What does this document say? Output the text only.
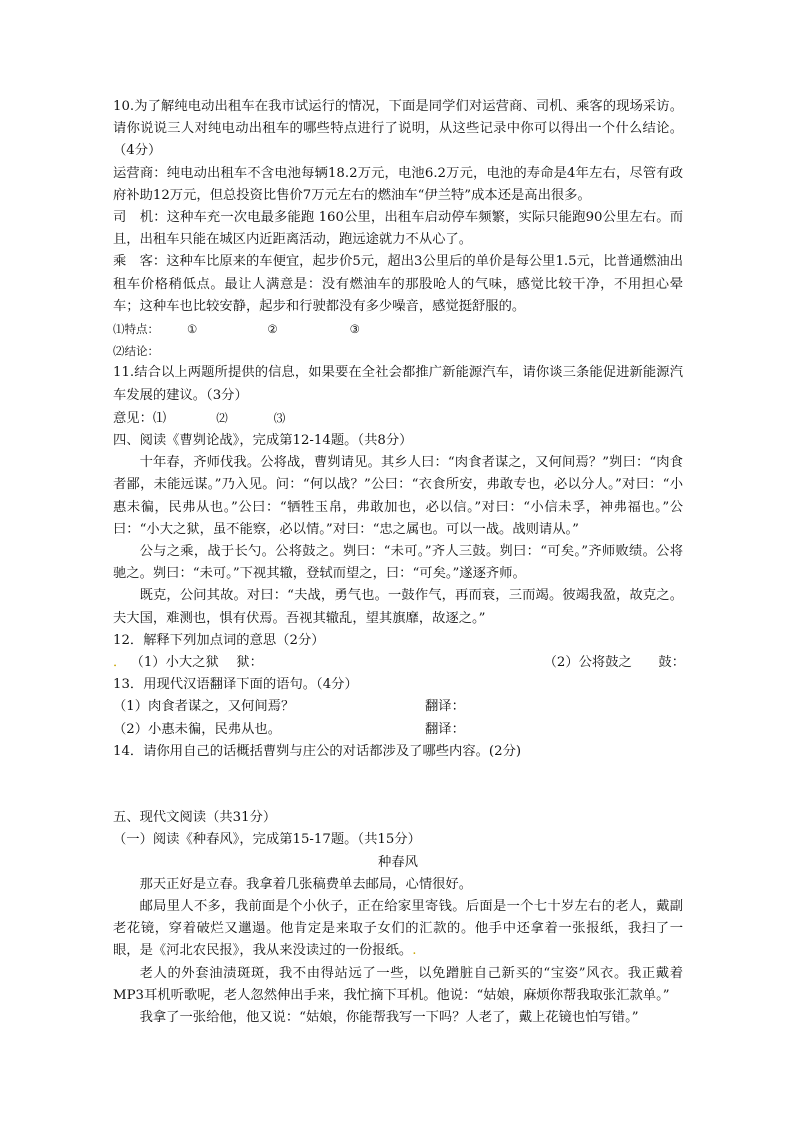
10.为了解纯电动出租车在我市试运行的情况，下面是同学们对运营商、司机、乘客的现场采访。请你说说三人对纯电动出租车的哪些特点进行了说明，从这些记录中你可以得出一个什么结论。（4分）

运营商：纯电动出租车不含电池每辆18.2万元，电池6.2万元，电池的寿命是4年左右，尽管有政府补助12万元，但总投资比售价7万元左右的燃油车“伊兰特”成本还是高出很多。

司　机：这种车充一次电最多能跑 160公里，出租车启动停车频繁，实际只能跑90公里左右。而且，出租车只能在城区内近距离活动，跑远途就力不从心了。

乘　客：这种车比原来的车便宜，起步价5元，超出3公里后的单价是每公里1.5元，比普通燃油出租车价格稍低点。最让人满意是：没有燃油车的那股呛人的气味，感觉比较干净，不用担心晕车；这种车也比较安静，起步和行驶都没有多少噪音，感觉挺舒服的。

⑴特点： ①	②	③
⑵结论：

11.结合以上两题所提供的信息，如果要在全社会都推广新能源汽车，请你谈三条能促进新能源汽车发展的建议。（3分）

意见：⑴	⑵	⑶

四、阅读《曹刿论战》，完成第12-14题。（共8分）

十年春，齐师伐我。公将战，曹刿请见。其乡人曰：“肉食者谋之，又何间焉？”刿曰：“肉食者鄙，未能远谋。”乃入见。问：“何以战？”公曰：“衣食所安，弗敢专也，必以分人。”对曰：“小惠未徧，民弗从也。”公曰：“牺牲玉帛，弗敢加也，必以信。”对曰：“小信未孚，神弗福也。”公曰：“小大之狱，虽不能察，必以情。”对曰：“忠之属也。可以一战。战则请从。”

公与之乘，战于长勺。公将鼓之。刿曰：“未可。”齐人三鼓。刿曰：“可矣。”齐师败绩。公将驰之。刿曰：“未可。”下视其辙，登轼而望之，曰：“可矣。”遂逐齐师。

既克，公问其故。对曰：“夫战，勇气也。一鼓作气，再而衰，三而竭。彼竭我盈，故克之。夫大国，难测也，惧有伏焉。吾视其辙乱，望其旗靡，故逐之。”

12．解释下列加点词的意思（2分）

． （1）小大之狱　 狱：	（2）公将鼓之　　鼓：

13．用现代汉语翻译下面的语句。（4分）

（1）肉食者谋之，又何间焉？	翻译：
（2）小惠未徧，民弗从也。	翻译：

14．请你用自己的话概括曹刿与庄公的对话都涉及了哪些内容。(2分)

五、现代文阅读（共31分）

（一）阅读《种春风》，完成第15-17题。（共15分）

种春风

那天正好是立春。我拿着几张稿费单去邮局，心情很好。

邮局里人不多，我前面是个小伙子，正在给家里寄钱。后面是一个七十岁左右的老人，戴副老花镜，穿着破烂又邋遢。他肯定是来取子女们的汇款的。他手中还拿着一张报纸，我扫了一 眼，是《河北农民报》，我从来没读过的一份报纸。.

老人的外套油渍斑斑，我不由得站远了一些，以免蹭脏自己新买的“宝姿”风衣。我正戴着MP3耳机听歌呢，老人忽然伸出手来，我忙摘下耳机。他说：“姑娘，麻烦你帮我取张汇款单。”

我拿了一张给他，他又说：“姑娘，你能帮我写一下吗？人老了，戴上花镜也怕写错。”
